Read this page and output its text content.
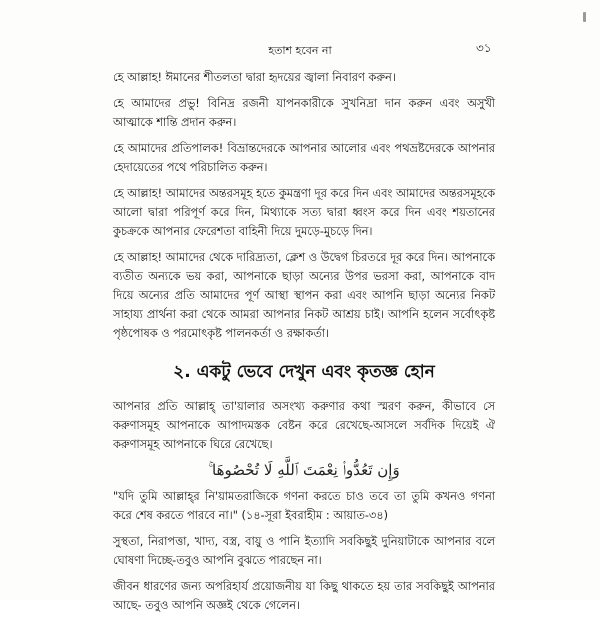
হতাশ হবেন না	৩১

হে আল্লাহ! ঈমানের শীতলতা দ্বারা হৃদয়ের জ্বালা নিবারণ করুন।

হে আমাদের প্রভু! বিনিদ্র রজনী যাপনকারীকে সুখনিদ্রা দান করুন এবং অসুখী আত্মাকে শান্তি প্রদান করুন।

হে আমাদের প্রতিপালক! বিভ্রান্তদেরকে আপনার আলোর এবং পথভ্রষ্টদেরকে আপনার হেদায়েতের পথে পরিচালিত করুন।

হে আল্লাহ! আমাদের অন্তরসমূহ হতে কুমন্ত্রণা দূর করে দিন এবং আমাদের অন্তরসমূহকে আলো দ্বারা পরিপূর্ণ করে দিন, মিথ্যাকে সত্য দ্বারা ধ্বংস করে দিন এবং শয়তানের কুচক্রকে আপনার ফেরেশতা বাহিনী দিয়ে দুমড়ে-মুচড়ে দিন।

হে আল্লাহ! আমাদের থেকে দারিদ্র্যতা, ক্লেশ ও উদ্বেগ চিরতরে দূর করে দিন। আপনাকে ব্যতীত অন্যকে ভয় করা, আপনাকে ছাড়া অন্যের উপর ভরসা করা, আপনাকে বাদ দিয়ে অন্যের প্রতি আমাদের পূর্ণ আস্থা স্থাপন করা এবং আপনি ছাড়া অন্যের নিকট সাহায্য প্রার্থনা করা থেকে আমরা আপনার নিকট আশ্রয় চাই। আপনি হলেন সর্বোৎকৃষ্ট পৃষ্ঠপোষক ও পরমোৎকৃষ্ট পালনকর্তা ও রক্ষাকর্তা।

২. একটু ভেবে দেখুন এবং কৃতজ্ঞ হোন

আপনার প্রতি আল্লাহ্ তা'য়ালার অসংখ্য করুণার কথা স্মরণ করুন, কীভাবে সে করুণাসমূহ আপনাকে আপাদমস্তক বেষ্টন করে রেখেছে-আসলে সর্বদিক দিয়েই ঐ করুণাসমূহ আপনাকে ঘিরে রেখেছে।

وَإِن تَعُدُّوا۟ نِعْمَتَ ٱللَّهِ لَا تُحْصُوهَا ۚ

"যদি তুমি আল্লাহ্‌র নি'য়ামতরাজিকে গণনা করতে চাও তবে তা তুমি কখনও গণনা করে শেষ করতে পারবে না।" (১৪-সূরা ইবরাহীম : আয়াত-৩৪)

সুস্থতা, নিরাপত্তা, খাদ্য, বস্ত্র, বায়ু ও পানি ইত্যাদি সবকিছুই দুনিয়াটাকে আপনার বলে ঘোষণা দিচ্ছে-তবুও আপনি বুঝতে পারছেন না।

জীবন ধারণের জন্য অপরিহার্য প্রয়োজনীয় যা কিছু থাকতে হয় তার সবকিছুই আপনার আছে- তবুও আপনি অজ্ঞই থেকে গেলেন।
